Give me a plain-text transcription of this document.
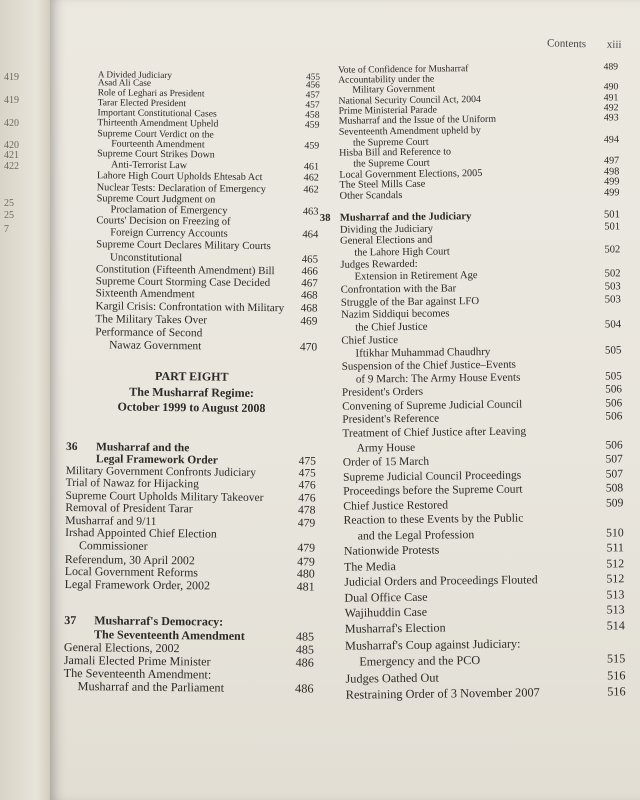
419
419
420
420
421
422
25
25
7
Contents xiii
A Divided Judiciary	455
Asad Ali Case	456
Role of Leghari as President	457
Tarar Elected President	457
Important Constitutional Cases	458
Thirteenth Amendment Upheld	459
Supreme Court Verdict on the
Fourteenth Amendment	459
Supreme Court Strikes Down
Anti-Terrorist Law	461
Lahore High Court Upholds Ehtesab Act	462
Nuclear Tests: Declaration of Emergency	462
Supreme Court Judgment on
Proclamation of Emergency	463
Courts' Decision on Freezing of
Foreign Currency Accounts	464
Supreme Court Declares Military Courts
Unconstitutional	465
Constitution (Fifteenth Amendment) Bill	466
Supreme Court Storming Case Decided	467
Sixteenth Amendment	468
Kargil Crisis: Confrontation with Military	468
The Military Takes Over	469
Performance of Second
Nawaz Government	470
PART EIGHT
The Musharraf Regime:
October 1999 to August 2008
36	Musharraf and the
Legal Framework Order	475
Military Government Confronts Judiciary	475
Trial of Nawaz for Hijacking	476
Supreme Court Upholds Military Takeover	476
Removal of President Tarar	478
Musharraf and 9/11	479
Irshad Appointed Chief Election
Commissioner	479
Referendum, 30 April 2002	479
Local Government Reforms	480
Legal Framework Order, 2002	481
37	Musharraf's Democracy:
The Seventeenth Amendment	485
General Elections, 2002	485
Jamali Elected Prime Minister	486
The Seventeenth Amendment:
Musharraf and the Parliament	486
Vote of Confidence for Musharraf	489
Accountability under the
Military Government	490
National Security Council Act, 2004	491
Prime Ministerial Parade	492
Musharraf and the Issue of the Uniform	493
Seventeenth Amendment upheld by
the Supreme Court	494
Hisba Bill and Reference to
the Supreme Court	497
Local Government Elections, 2005	498
The Steel Mills Case	499
Other Scandals	499
38 Musharraf and the Judiciary	501
Dividing the Judiciary	501
General Elections and
the Lahore High Court	502
Judges Rewarded:
Extension in Retirement Age	502
Confrontation with the Bar	503
Struggle of the Bar against LFO	503
Nazim Siddiqui becomes
the Chief Justice	504
Chief Justice
Iftikhar Muhammad Chaudhry	505
Suspension of the Chief Justice–Events
of 9 March: The Army House Events	505
President's Orders	506
Convening of Supreme Judicial Council	506
President's Reference	506
Treatment of Chief Justice after Leaving
Army House	506
Order of 15 March	507
Supreme Judicial Council Proceedings	507
Proceedings before the Supreme Court	508
Chief Justice Restored	509
Reaction to these Events by the Public
and the Legal Profession	510
Nationwide Protests	511
The Media	512
Judicial Orders and Proceedings Flouted	512
Dual Office Case	513
Wajihuddin Case	513
Musharraf's Election	514
Musharraf's Coup against Judiciary:
Emergency and the PCO	515
Judges Oathed Out	516
Restraining Order of 3 November 2007	516
